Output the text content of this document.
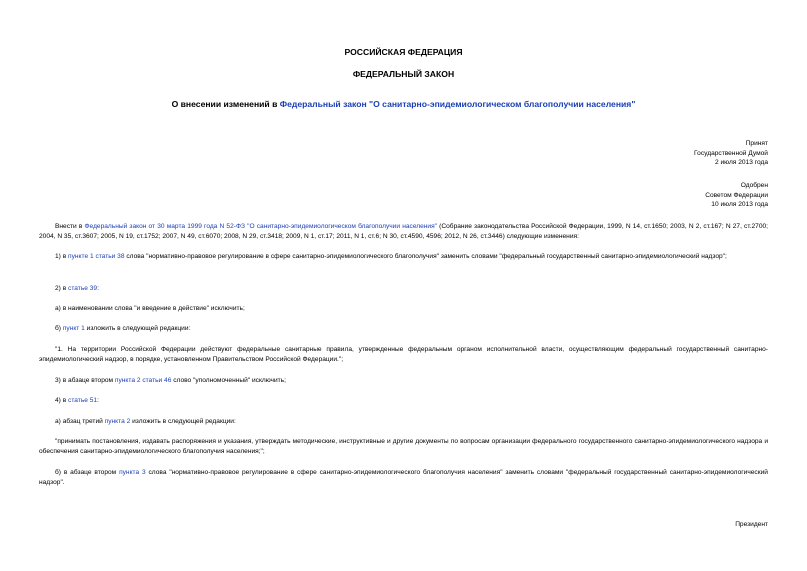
РОССИЙСКАЯ ФЕДЕРАЦИЯ
ФЕДЕРАЛЬНЫЙ ЗАКОН
О внесении изменений в Федеральный закон "О санитарно-эпидемиологическом благополучии населения"
Принят
Государственной Думой
2 июля 2013 года
Одобрен
Советом Федерации
10 июля 2013 года
Внести в Федеральный закон от 30 марта 1999 года N 52-ФЗ "О санитарно-эпидемиологическом благополучии населения" (Собрание законодательства Российской Федерации, 1999, N 14, ст.1650; 2003, N 2, ст.167; N 27, ст.2700; 2004, N 35, ст.3607; 2005, N 19, ст.1752; 2007, N 49, ст.6070; 2008, N 29, ст.3418; 2009, N 1, ст.17; 2011, N 1, ст.6; N 30, ст.4590, 4596; 2012, N 26, ст.3446) следующие изменения:
1) в пункте 1 статьи 38 слова "нормативно-правовое регулирование в сфере санитарно-эпидемиологического благополучия" заменить словами "федеральный государственный санитарно-эпидемиологический надзор";
2) в статье 39:
а) в наименовании слова "и введение в действие" исключить;
б) пункт 1 изложить в следующей редакции:
"1. На территории Российской Федерации действуют федеральные санитарные правила, утвержденные федеральным органом исполнительной власти, осуществляющим федеральный государственный санитарно-эпидемиологический надзор, в порядке, установленном Правительством Российской Федерации.";
3) в абзаце втором пункта 2 статьи 46 слово "уполномоченный" исключить;
4) в статье 51:
а) абзац третий пункта 2 изложить в следующей редакции:
"принимать постановления, издавать распоряжения и указания, утверждать методические, инструктивные и другие документы по вопросам организации федерального государственного санитарно-эпидемиологического надзора и обеспечения санитарно-эпидемиологического благополучия населения;";
б) в абзаце втором пункта 3 слова "нормативно-правовое регулирование в сфере санитарно-эпидемиологического благополучия населения" заменить словами "федеральный государственный санитарно-эпидемиологический надзор".
Президент
